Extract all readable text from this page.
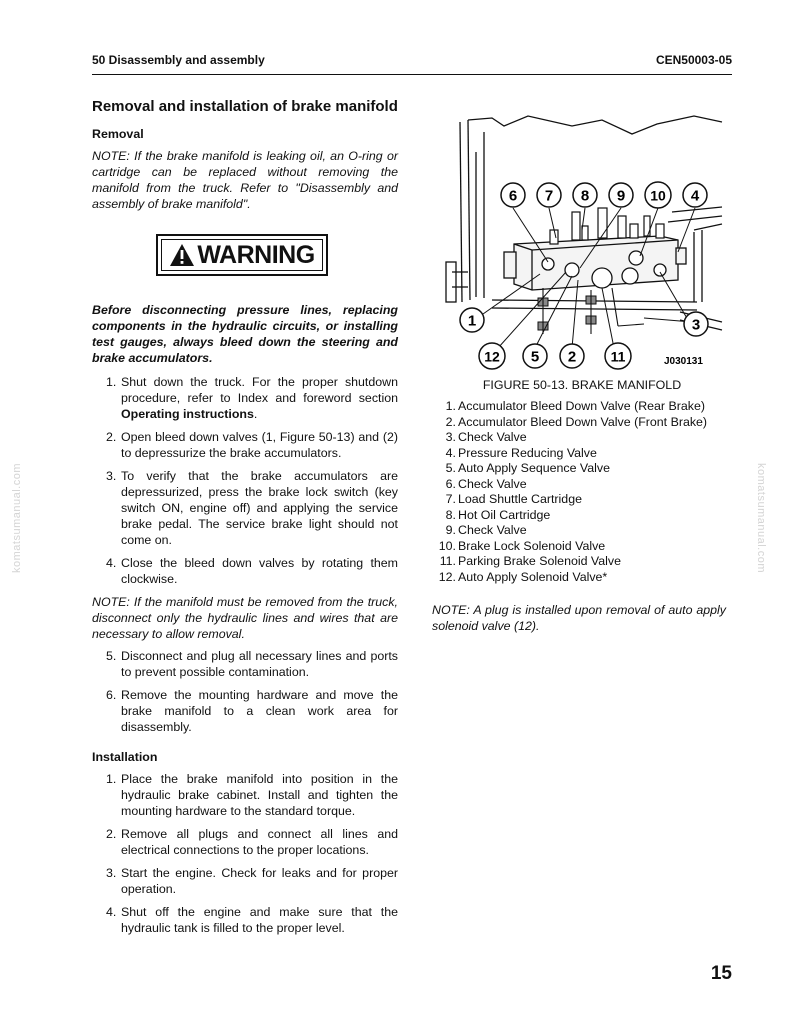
50 Disassembly and assembly	CEN50003-05
komatsumanual.com	komatsumanual.com
Removal and installation of brake manifold
Removal

NOTE: If the brake manifold is leaking oil, an O-ring or cartridge can be replaced without removing the manifold from the truck. Refer to "Disassembly and assembly of brake manifold".

WARNING

Before disconnecting pressure lines, replacing components in the hydraulic circuits, or installing test gauges, always bleed down the steering and brake accumulators.

1. Shut down the truck. For the proper shutdown procedure, refer to Index and foreword section Operating instructions.
2. Open bleed down valves (1, Figure 50-13) and (2) to depressurize the brake accumulators.
3. To verify that the brake accumulators are depressurized, press the brake lock switch (key switch ON, engine off) and applying the service brake pedal. The service brake light should not come on.
4. Close the bleed down valves by rotating them clockwise.

NOTE: If the manifold must be removed from the truck, disconnect only the hydraulic lines and wires that are necessary to allow removal.

5. Disconnect and plug all necessary lines and ports to prevent possible contamination.
6. Remove the mounting hardware and move the brake manifold to a clean work area for disassembly.
Installation
1. Place the brake manifold into position in the hydraulic brake cabinet. Install and tighten the mounting hardware to the standard torque.
2. Remove all plugs and connect all lines and electrical connections to the proper locations.
3. Start the engine. Check for leaks and for proper operation.
4. Shut off the engine and make sure that the hydraulic tank is filled to the proper level.
6 7 8 9 10 4
1	3
12 5 2 11	J030131
FIGURE 50-13. BRAKE MANIFOLD
1. Accumulator Bleed Down Valve (Rear Brake)
2. Accumulator Bleed Down Valve (Front Brake)
3. Check Valve
4. Pressure Reducing Valve
5. Auto Apply Sequence Valve
6. Check Valve
7. Load Shuttle Cartridge
8. Hot Oil Cartridge
9. Check Valve
10. Brake Lock Solenoid Valve
11. Parking Brake Solenoid Valve
12. Auto Apply Solenoid Valve*
NOTE: A plug is installed upon removal of auto apply solenoid valve (12).
15
